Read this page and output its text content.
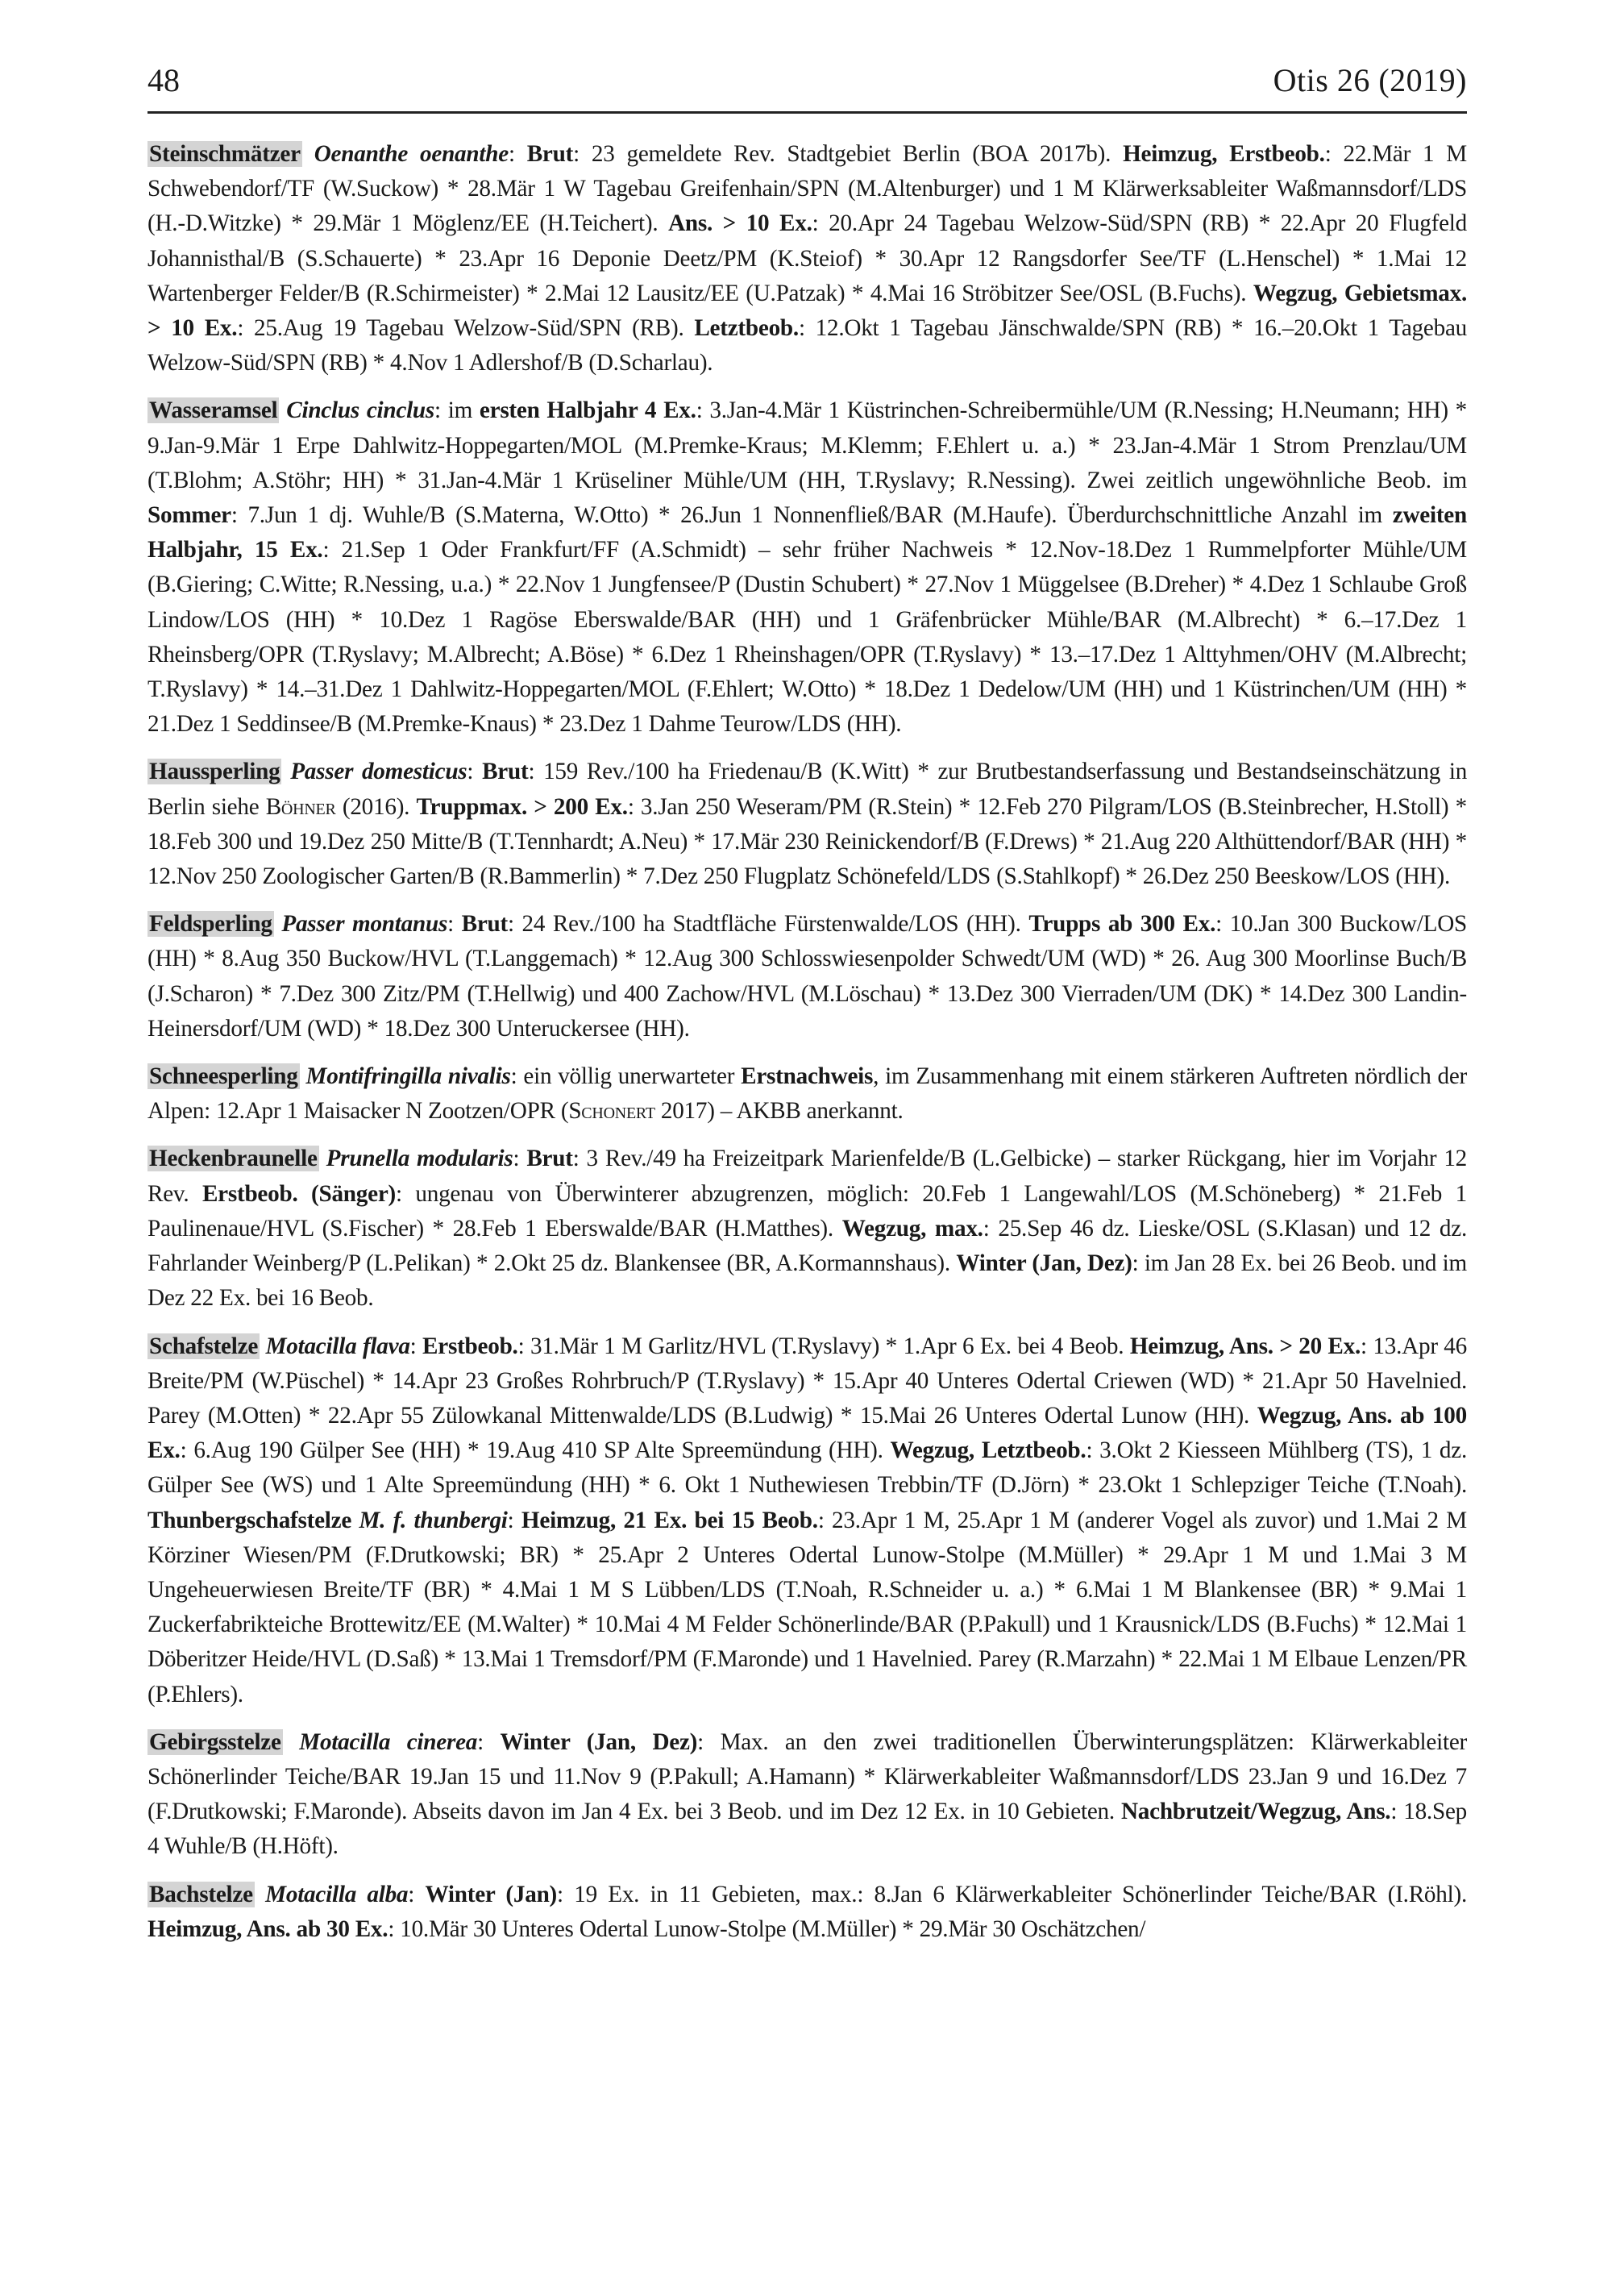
48	Otis 26 (2019)

Steinschmätzer Oenanthe oenanthe: Brut: 23 gemeldete Rev. Stadtgebiet Berlin (BOA 2017b). Heimzug, Erstbeob.: 22.Mär 1 M Schwebendorf/TF (W.Suckow) * 28.Mär 1 W Tagebau Greifenhain/SPN (M.Altenburger) und 1 M Klärwerksableiter Waßmannsdorf/LDS (H.-D.Witzke) * 29.Mär 1 Möglenz/EE (H.Teichert). Ans. > 10 Ex.: 20.Apr 24 Tagebau Welzow-Süd/SPN (RB) * 22.Apr 20 Flugfeld Johannisthal/B (S.Schauerte) * 23.Apr 16 Deponie Deetz/PM (K.Steiof) * 30.Apr 12 Rangsdorfer See/TF (L.Henschel) * 1.Mai 12 Wartenberger Felder/B (R.Schirmeister) * 2.Mai 12 Lausitz/EE (U.Patzak) * 4.Mai 16 Ströbitzer See/OSL (B.Fuchs). Wegzug, Gebietsmax. > 10 Ex.: 25.Aug 19 Tagebau Welzow-Süd/SPN (RB). Letztbeob.: 12.Okt 1 Tagebau Jänschwalde/SPN (RB) * 16.–20.Okt 1 Tagebau Welzow-Süd/SPN (RB) * 4.Nov 1 Adlershof/B (D.Scharlau).

Wasseramsel Cinclus cinclus: im ersten Halbjahr 4 Ex.: 3.Jan-4.Mär 1 Küstrinchen-Schreibermühle/UM (R.Nessing; H.Neumann; HH) * 9.Jan-9.Mär 1 Erpe Dahlwitz-Hoppegarten/MOL (M.Premke-Kraus; M.Klemm; F.Ehlert u. a.) * 23.Jan-4.Mär 1 Strom Prenzlau/UM (T.Blohm; A.Stöhr; HH) * 31.Jan-4.Mär 1 Krüseliner Mühle/UM (HH, T.Ryslavy; R.Nessing). Zwei zeitlich ungewöhnliche Beob. im Sommer: 7.Jun 1 dj. Wuhle/B (S.Materna, W.Otto) * 26.Jun 1 Nonnenfließ/BAR (M.Haufe). Überdurchschnittliche Anzahl im zweiten Halbjahr, 15 Ex.: 21.Sep 1 Oder Frankfurt/FF (A.Schmidt) – sehr früher Nachweis * 12.Nov-18.Dez 1 Rummelpforter Mühle/UM (B.Giering; C.Witte; R.Nessing, u.a.) * 22.Nov 1 Jungfensee/P (Dustin Schubert) * 27.Nov 1 Müggelsee (B.Dreher) * 4.Dez 1 Schlaube Groß Lindow/LOS (HH) * 10.Dez 1 Ragöse Eberswalde/BAR (HH) und 1 Gräfenbrücker Mühle/BAR (M.Albrecht) * 6.–17.Dez 1 Rheinsberg/OPR (T.Ryslavy; M.Albrecht; A.Böse) * 6.Dez 1 Rheinshagen/OPR (T.Ryslavy) * 13.–17.Dez 1 Alttyhmen/OHV (M.Albrecht; T.Ryslavy) * 14.–31.Dez 1 Dahlwitz-Hoppegarten/MOL (F.Ehlert; W.Otto) * 18.Dez 1 Dedelow/UM (HH) und 1 Küstrinchen/UM (HH) * 21.Dez 1 Seddinsee/B (M.Premke-Knaus) * 23.Dez 1 Dahme Teurow/LDS (HH).

Haussperling Passer domesticus: Brut: 159 Rev./100 ha Friedenau/B (K.Witt) * zur Brutbestandserfassung und Bestandseinschätzung in Berlin siehe Böhner (2016). Truppmax. > 200 Ex.: 3.Jan 250 Weseram/PM (R.Stein) * 12.Feb 270 Pilgram/LOS (B.Steinbrecher, H.Stoll) * 18.Feb 300 und 19.Dez 250 Mitte/B (T.Tennhardt; A.Neu) * 17.Mär 230 Reinickendorf/B (F.Drews) * 21.Aug 220 Althüttendorf/BAR (HH) * 12.Nov 250 Zoologischer Garten/B (R.Bammerlin) * 7.Dez 250 Flugplatz Schönefeld/LDS (S.Stahlkopf) * 26.Dez 250 Beeskow/LOS (HH).

Feldsperling Passer montanus: Brut: 24 Rev./100 ha Stadtfläche Fürstenwalde/LOS (HH). Trupps ab 300 Ex.: 10.Jan 300 Buckow/LOS (HH) * 8.Aug 350 Buckow/HVL (T.Langgemach) * 12.Aug 300 Schlosswiesenpolder Schwedt/UM (WD) * 26. Aug 300 Moorlinse Buch/B (J.Scharon) * 7.Dez 300 Zitz/PM (T.Hellwig) und 400 Zachow/HVL (M.Löschau) * 13.Dez 300 Vierraden/UM (DK) * 14.Dez 300 Landin-Heinersdorf/UM (WD) * 18.Dez 300 Unteruckersee (HH).

Schneesperling Montifringilla nivalis: ein völlig unerwarteter Erstnachweis, im Zusammenhang mit einem stärkeren Auftreten nördlich der Alpen: 12.Apr 1 Maisacker N Zootzen/OPR (Schonert 2017) – AKBB anerkannt.

Heckenbraunelle Prunella modularis: Brut: 3 Rev./49 ha Freizeitpark Marienfelde/B (L.Gelbicke) – starker Rückgang, hier im Vorjahr 12 Rev. Erstbeob. (Sänger): ungenau von Überwinterer abzugrenzen, möglich: 20.Feb 1 Langewahl/LOS (M.Schöneberg) * 21.Feb 1 Paulinenaue/HVL (S.Fischer) * 28.Feb 1 Eberswalde/BAR (H.Matthes). Wegzug, max.: 25.Sep 46 dz. Lieske/OSL (S.Klasan) und 12 dz. Fahrlander Weinberg/P (L.Pelikan) * 2.Okt 25 dz. Blankensee (BR, A.Kormannshaus). Winter (Jan, Dez): im Jan 28 Ex. bei 26 Beob. und im Dez 22 Ex. bei 16 Beob.

Schafstelze Motacilla flava: Erstbeob.: 31.Mär 1 M Garlitz/HVL (T.Ryslavy) * 1.Apr 6 Ex. bei 4 Beob. Heimzug, Ans. > 20 Ex.: 13.Apr 46 Breite/PM (W.Püschel) * 14.Apr 23 Großes Rohrbruch/P (T.Ryslavy) * 15.Apr 40 Unteres Odertal Criewen (WD) * 21.Apr 50 Havelnied. Parey (M.Otten) * 22.Apr 55 Zülowkanal Mittenwalde/LDS (B.Ludwig) * 15.Mai 26 Unteres Odertal Lunow (HH). Wegzug, Ans. ab 100 Ex.: 6.Aug 190 Gülper See (HH) * 19.Aug 410 SP Alte Spreemündung (HH). Wegzug, Letztbeob.: 3.Okt 2 Kiesseen Mühlberg (TS), 1 dz. Gülper See (WS) und 1 Alte Spreemündung (HH) * 6. Okt 1 Nuthewiesen Trebbin/TF (D.Jörn) * 23.Okt 1 Schlepziger Teiche (T.Noah). Thunbergschafstelze M. f. thunbergi: Heimzug, 21 Ex. bei 15 Beob.: 23.Apr 1 M, 25.Apr 1 M (anderer Vogel als zuvor) und 1.Mai 2 M Körziner Wiesen/PM (F.Drutkowski; BR) * 25.Apr 2 Unteres Odertal Lunow-Stolpe (M.Müller) * 29.Apr 1 M und 1.Mai 3 M Ungeheuerwiesen Breite/TF (BR) * 4.Mai 1 M S Lübben/LDS (T.Noah, R.Schneider u. a.) * 6.Mai 1 M Blankensee (BR) * 9.Mai 1 Zuckerfabrikteiche Brottewitz/EE (M.Walter) * 10.Mai 4 M Felder Schönerlinde/BAR (P.Pakull) und 1 Krausnick/LDS (B.Fuchs) * 12.Mai 1 Döberitzer Heide/HVL (D.Saß) * 13.Mai 1 Tremsdorf/PM (F.Maronde) und 1 Havelnied. Parey (R.Marzahn) * 22.Mai 1 M Elbaue Lenzen/PR (P.Ehlers).

Gebirgsstelze Motacilla cinerea: Winter (Jan, Dez): Max. an den zwei traditionellen Überwinterungsplätzen: Klärwerkableiter Schönerlinder Teiche/BAR 19.Jan 15 und 11.Nov 9 (P.Pakull; A.Hamann) * Klärwerkableiter Waßmannsdorf/LDS 23.Jan 9 und 16.Dez 7 (F.Drutkowski; F.Maronde). Abseits davon im Jan 4 Ex. bei 3 Beob. und im Dez 12 Ex. in 10 Gebieten. Nachbrutzeit/Wegzug, Ans.: 18.Sep 4 Wuhle/B (H.Höft).

Bachstelze Motacilla alba: Winter (Jan): 19 Ex. in 11 Gebieten, max.: 8.Jan 6 Klärwerkableiter Schönerlinder Teiche/BAR (I.Röhl). Heimzug, Ans. ab 30 Ex.: 10.Mär 30 Unteres Odertal Lunow-Stolpe (M.Müller) * 29.Mär 30 Oschätzchen/
